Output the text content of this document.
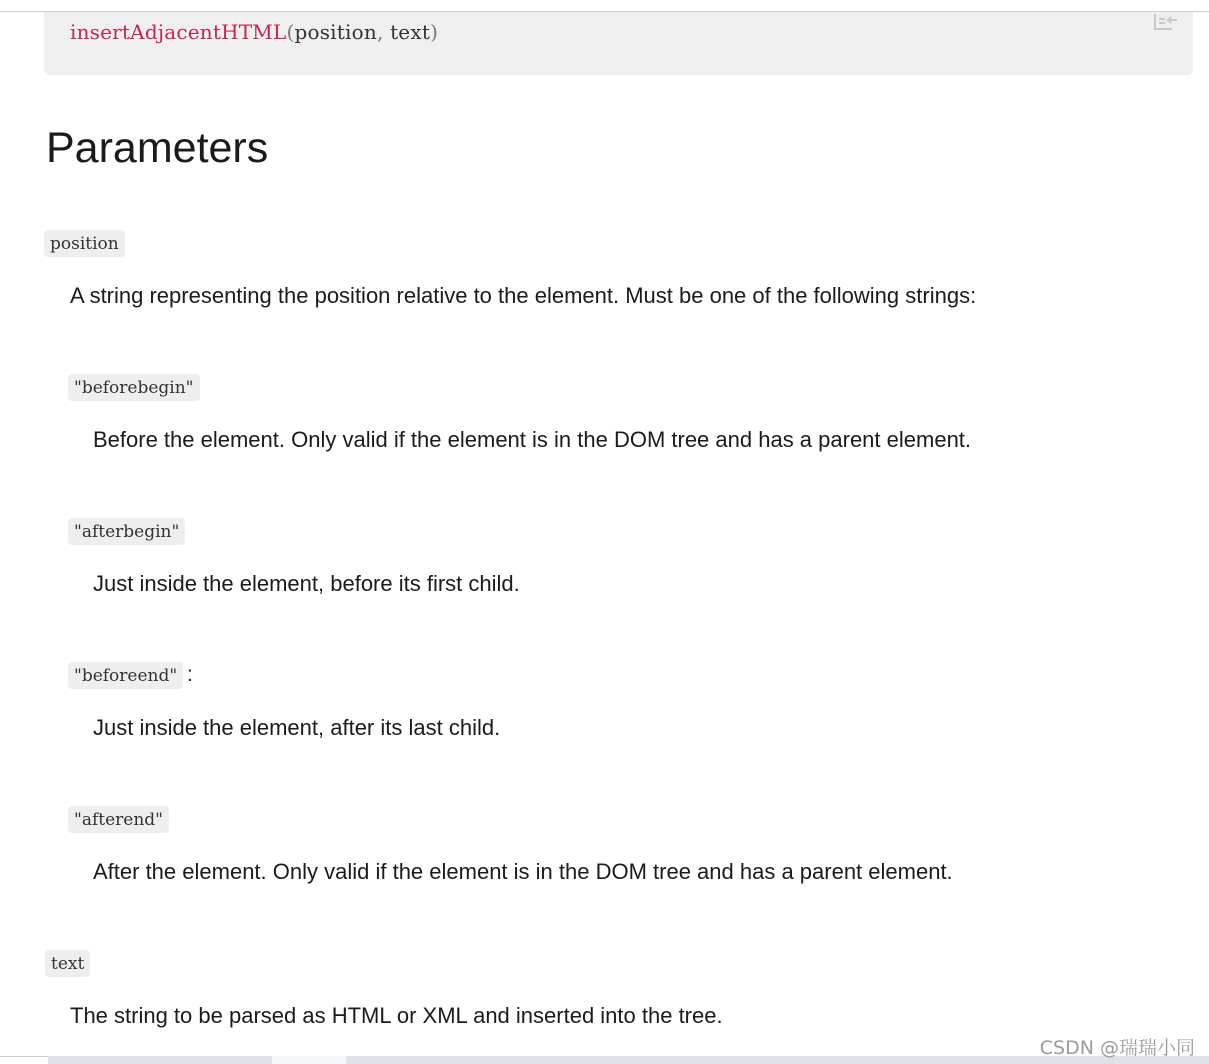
insertAdjacentHTML(position, text)
Parameters
position
A string representing the position relative to the element. Must be one of the following strings:
"beforebegin"
Before the element. Only valid if the element is in the DOM tree and has a parent element.
"afterbegin"
Just inside the element, before its first child.
"beforeend" :
Just inside the element, after its last child.
"afterend"
After the element. Only valid if the element is in the DOM tree and has a parent element.
text
The string to be parsed as HTML or XML and inserted into the tree.
CSDN @瑞瑞小同
